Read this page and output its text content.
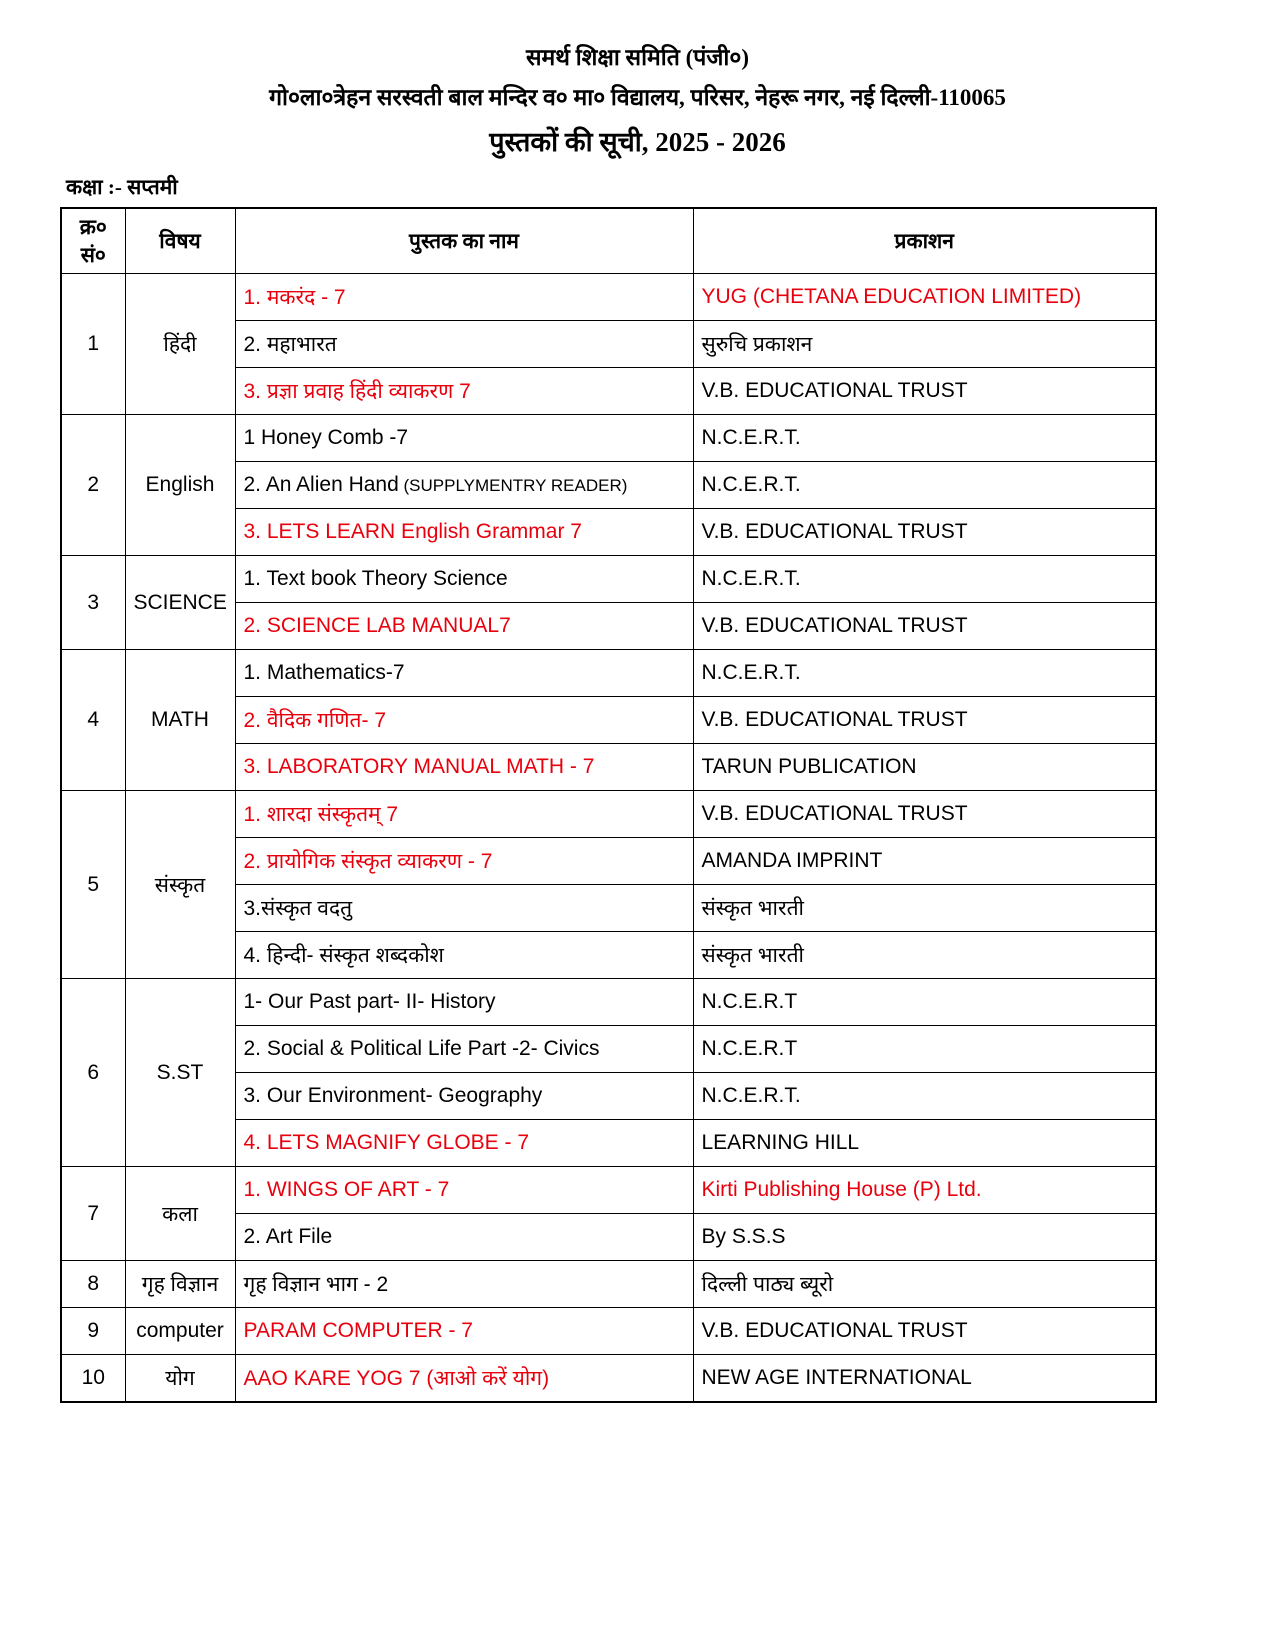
समर्थ शिक्षा समिति (पंजी०)
गो०ला०त्रेह‍न सरस्वती बाल मन्दिर व० मा० विद्यालय, परिसर, नेहरू नगर, नई दिल्ली-110065
पुस्तकों की सूची, 2025 - 2026
कक्षा :- सप्तमी
क्र० सं०	विषय	पुस्तक का नाम	प्रकाशन
1	हिंदी	1. मकरंद - 7	YUG (CHETANA EDUCATION LIMITED)
		2. महाभारत	सुरुचि प्रकाशन
		3. प्रज्ञा प्रवाह हिंदी व्याकरण 7	V.B. EDUCATIONAL TRUST
2	English	1 Honey Comb -7	N.C.E.R.T.
		2. An Alien Hand (SUPPLYMENTRY READER)	N.C.E.R.T.
		3. LETS LEARN English Grammar 7	V.B. EDUCATIONAL TRUST
3	SCIENCE	1. Text book Theory Science	N.C.E.R.T.
		2. SCIENCE LAB MANUAL7	V.B. EDUCATIONAL TRUST
4	MATH	1. Mathematics-7	N.C.E.R.T.
		2. वैदिक गणित- 7	V.B. EDUCATIONAL TRUST
		3. LABORATORY MANUAL MATH - 7	TARUN PUBLICATION
5	संस्कृत	1. शारदा संस्कृतम् 7	V.B. EDUCATIONAL TRUST
		2. प्रायोगिक संस्कृत व्याकरण - 7	AMANDA IMPRINT
		3.संस्कृत वदतु	संस्कृत भारती
		4. हिन्दी- संस्कृत शब्दकोश	संस्कृत भारती
6	S.ST	1- Our Past part- II- History	N.C.E.R.T
		2. Social & Political Life Part -2- Civics	N.C.E.R.T
		3. Our Environment- Geography	N.C.E.R.T.
		4. LETS MAGNIFY GLOBE - 7	LEARNING HILL
7	कला	1. WINGS OF ART - 7	Kirti Publishing House (P) Ltd.
		2. Art File	By S.S.S
8	गृह विज्ञान	गृह विज्ञान भाग - 2	दिल्ली पाठ्य ब्यूरो
9	computer	PARAM COMPUTER - 7	V.B. EDUCATIONAL TRUST
10	योग	AAO KARE YOG 7 (आओ करें योग)	NEW AGE INTERNATIONAL
